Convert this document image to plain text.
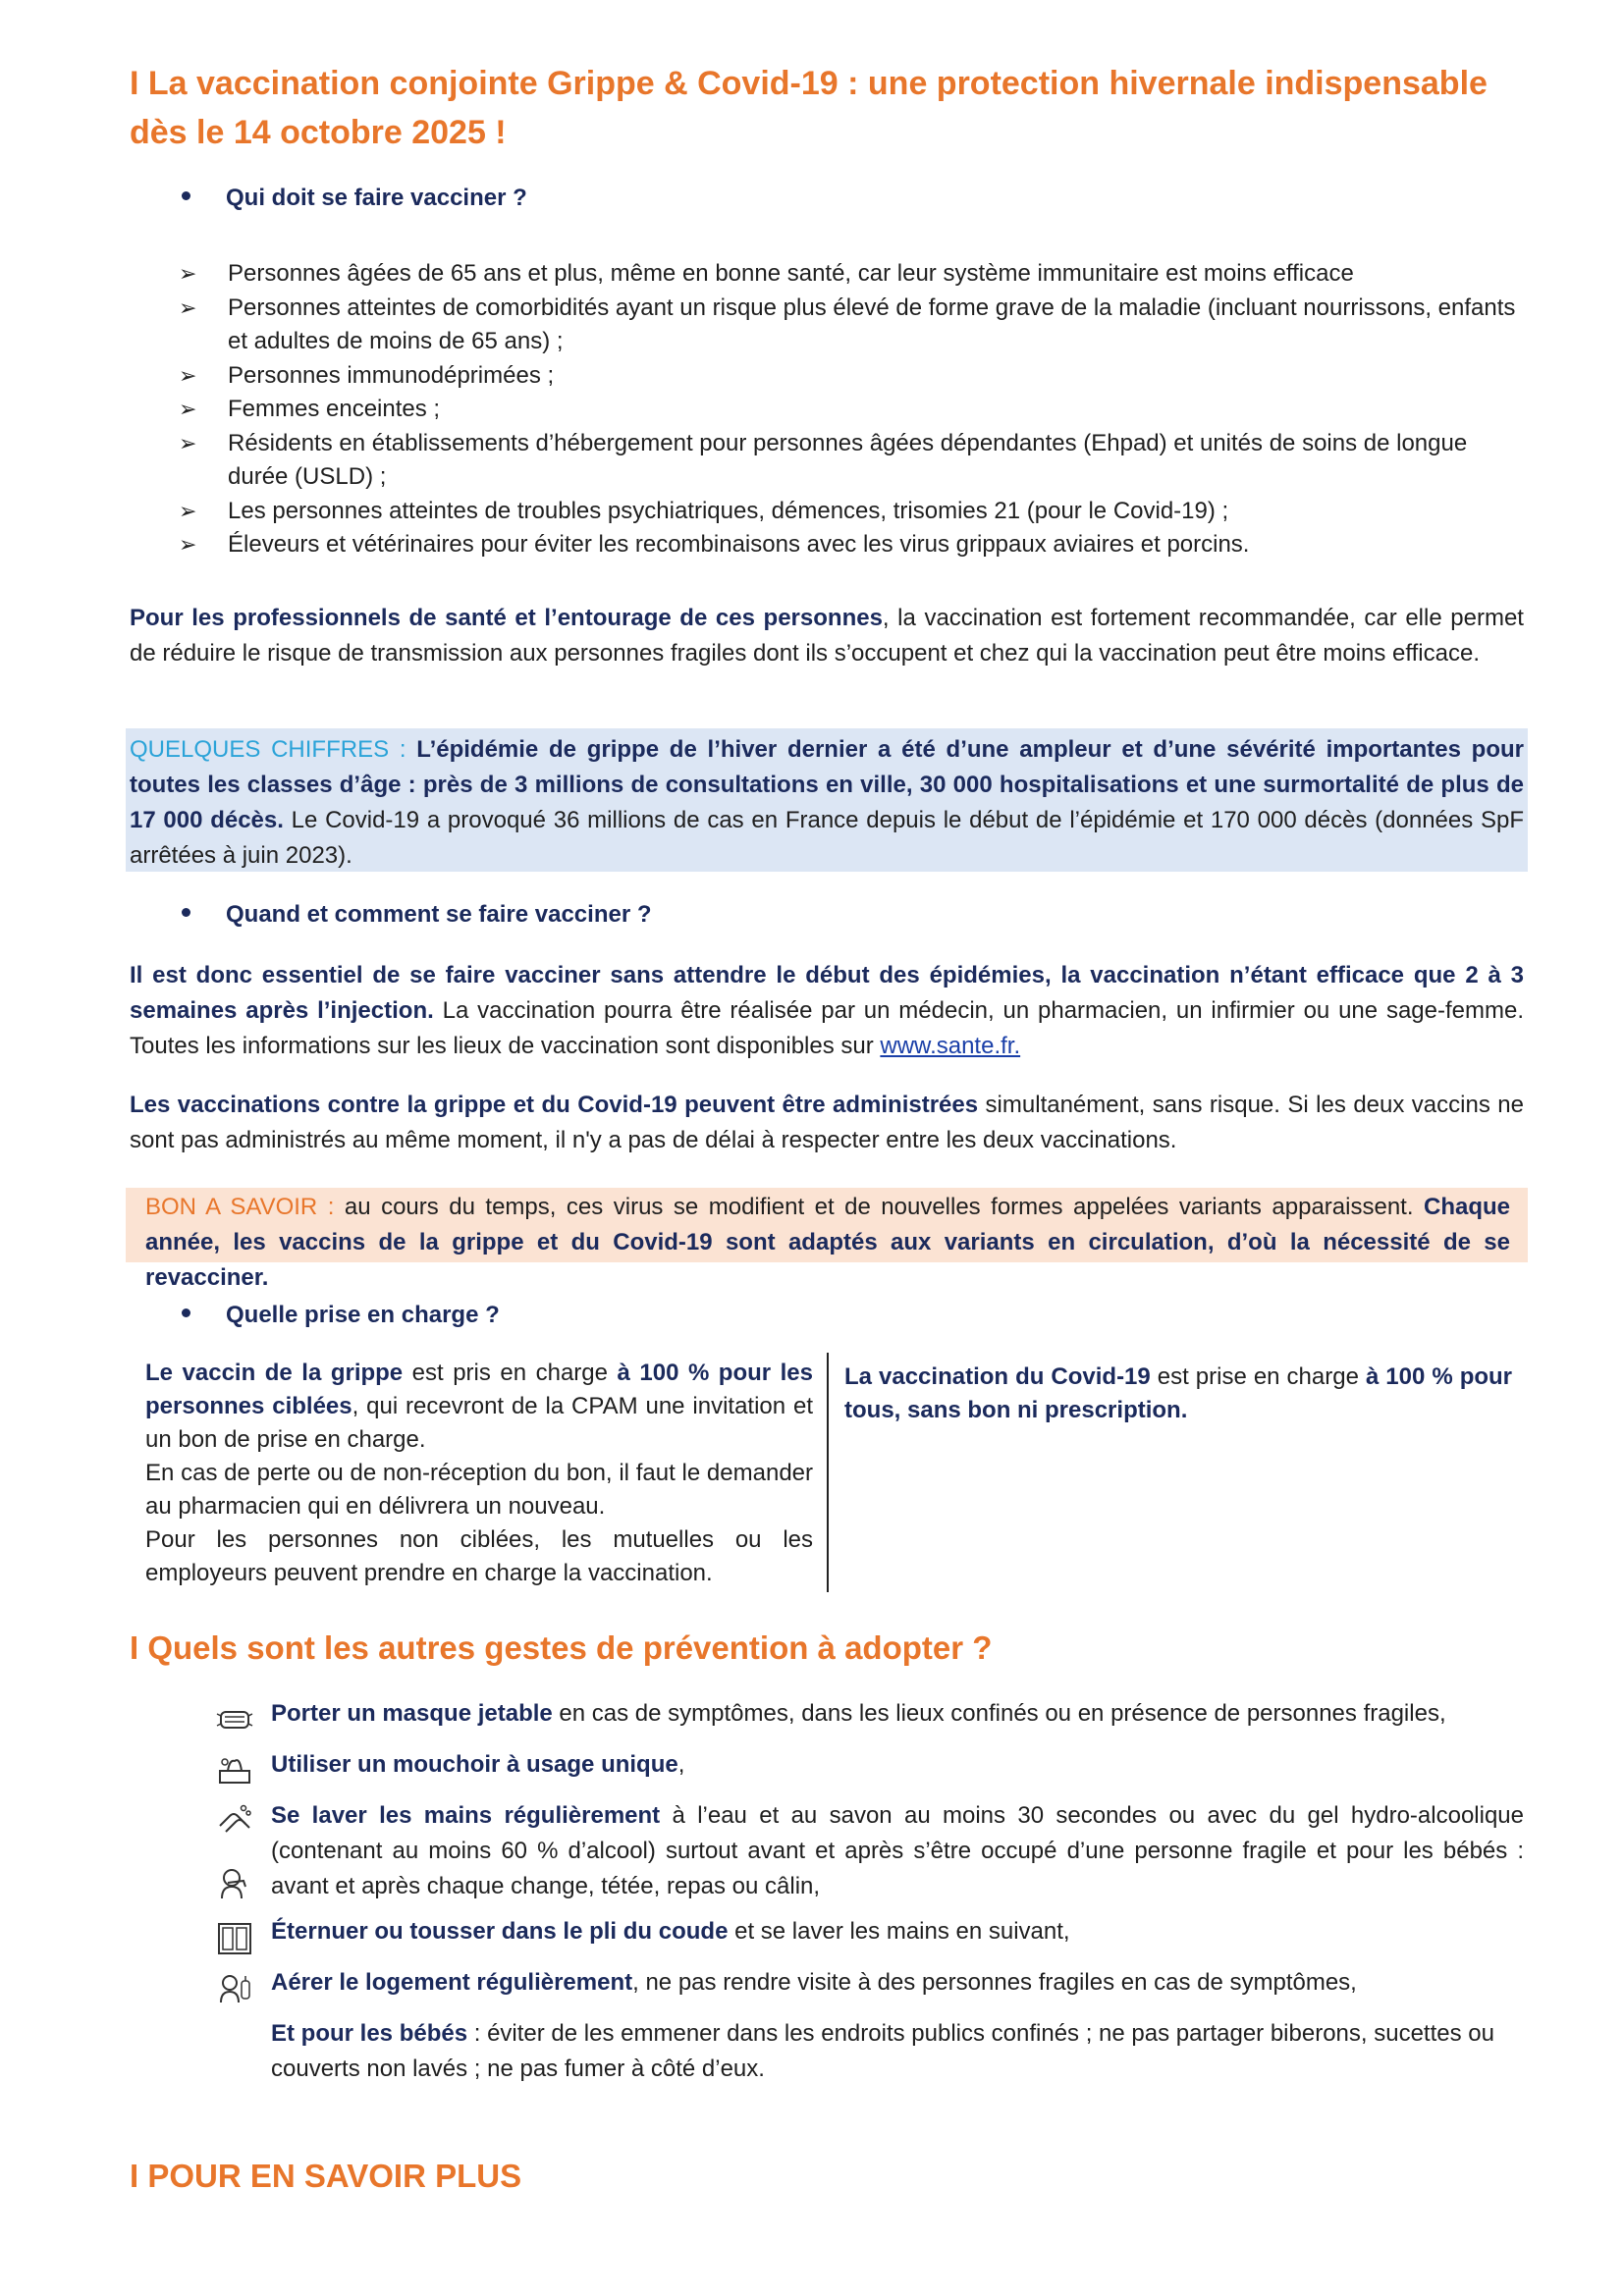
I La vaccination conjointe Grippe & Covid-19 : une protection hivernale indispensable dès le 14 octobre 2025 !
Qui doit se faire vacciner ?
➢ Personnes âgées de 65 ans et plus, même en bonne santé, car leur système immunitaire est moins efficace
➢ Personnes atteintes de comorbidités ayant un risque plus élevé de forme grave de la maladie (incluant nourrissons, enfants et adultes de moins de 65 ans) ;
➢ Personnes immunodéprimées ;
➢ Femmes enceintes ;
➢ Résidents en établissements d’hébergement pour personnes âgées dépendantes (Ehpad) et unités de soins de longue durée (USLD) ;
➢ Les personnes atteintes de troubles psychiatriques, démences, trisomies 21 (pour le Covid-19) ;
➢ Éleveurs et vétérinaires pour éviter les recombinaisons avec les virus grippaux aviaires et porcins.

Pour les professionnels de santé et l’entourage de ces personnes, la vaccination est fortement recommandée, car elle permet de réduire le risque de transmission aux personnes fragiles dont ils s’occupent et chez qui la vaccination peut être moins efficace.

QUELQUES CHIFFRES : L’épidémie de grippe de l’hiver dernier a été d’une ampleur et d’une sévérité importantes pour toutes les classes d’âge : près de 3 millions de consultations en ville, 30 000 hospitalisations et une surmortalité de plus de 17 000 décès. Le Covid-19 a provoqué 36 millions de cas en France depuis le début de l’épidémie et 170 000 décès (données SpF arrêtées à juin 2023).

Quand et comment se faire vacciner ?

Il est donc essentiel de se faire vacciner sans attendre le début des épidémies, la vaccination n’étant efficace que 2 à 3 semaines après l’injection. La vaccination pourra être réalisée par un médecin, un pharmacien, un infirmier ou une sage-femme. Toutes les informations sur les lieux de vaccination sont disponibles sur www.sante.fr.

Les vaccinations contre la grippe et du Covid-19 peuvent être administrées simultanément, sans risque. Si les deux vaccins ne sont pas administrés au même moment, il n'y a pas de délai à respecter entre les deux vaccinations.

BON A SAVOIR : au cours du temps, ces virus se modifient et de nouvelles formes appelées variants apparaissent. Chaque année, les vaccins de la grippe et du Covid-19 sont adaptés aux variants en circulation, d’où la nécessité de se revacciner.

Quelle prise en charge ?

Le vaccin de la grippe est pris en charge à 100 % pour les personnes ciblées, qui recevront de la CPAM une invitation et un bon de prise en charge.

En cas de perte ou de non-réception du bon, il faut le demander au pharmacien qui en délivrera un nouveau.

Pour les personnes non ciblées, les mutuelles ou les employeurs peuvent prendre en charge la vaccination.

La vaccination du Covid-19 est prise en charge à 100 % pour tous, sans bon ni prescription.

I Quels sont les autres gestes de prévention à adopter ?

Porter un masque jetable en cas de symptômes, dans les lieux confinés ou en présence de personnes fragiles,

Utiliser un mouchoir à usage unique,

Se laver les mains régulièrement à l’eau et au savon au moins 30 secondes ou avec du gel hydro-alcoolique (contenant au moins 60 % d’alcool) surtout avant et après s’être occupé d’une personne fragile et pour les bébés : avant et après chaque change, tétée, repas ou câlin,

Éternuer ou tousser dans le pli du coude et se laver les mains en suivant,

Aérer le logement régulièrement, ne pas rendre visite à des personnes fragiles en cas de symptômes,

Et pour les bébés : éviter de les emmener dans les endroits publics confinés ; ne pas partager biberons, sucettes ou couverts non lavés ; ne pas fumer à côté d’eux.

I POUR EN SAVOIR PLUS
